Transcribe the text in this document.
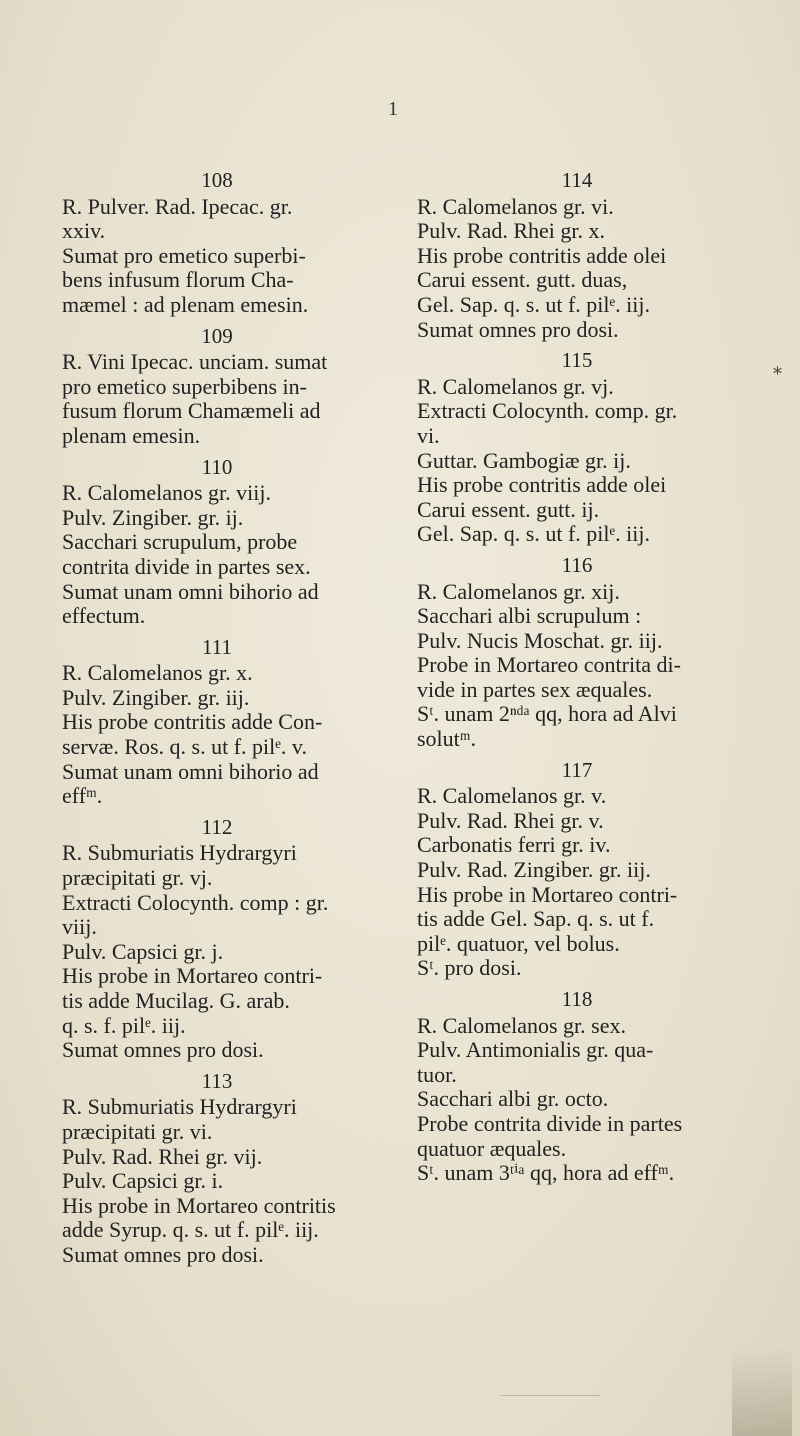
1
⁎
108
R. Pulver. Rad. Ipecac. gr.
xxiv.
Sumat pro emetico superbi-
bens infusum florum Cha-
mæmel : ad plenam emesin.
109
R. Vini Ipecac. unciam. sumat
pro emetico superbibens in-
fusum florum Chamæmeli ad
plenam emesin.
110
R. Calomelanos gr. viij.
Pulv. Zingiber. gr. ij.
Sacchari scrupulum, probe
contrita divide in partes sex.
Sumat unam omni bihorio ad
effectum.
111
R. Calomelanos gr. x.
Pulv. Zingiber. gr. iij.
His probe contritis adde Con-
servæ. Ros. q. s. ut f. pilᵉ. v.
Sumat unam omni bihorio ad
effᵐ.
112
R. Submuriatis Hydrargyri
præcipitati gr. vj.
Extracti Colocynth. comp : gr.
viij.
Pulv. Capsici gr. j.
His probe in Mortareo contri-
tis adde Mucilag. G. arab.
q. s. f. pilᵉ. iij.
Sumat omnes pro dosi.
113
R. Submuriatis Hydrargyri
præcipitati gr. vi.
Pulv. Rad. Rhei gr. vij.
Pulv. Capsici gr. i.
His probe in Mortareo contritis
adde Syrup. q. s. ut f. pilᵉ. iij.
Sumat omnes pro dosi.
114
R. Calomelanos gr. vi.
Pulv. Rad. Rhei gr. x.
His probe contritis adde olei
Carui essent. gutt. duas,
Gel. Sap. q. s. ut f. pilᵉ. iij.
Sumat omnes pro dosi.
115
R. Calomelanos gr. vj.
Extracti Colocynth. comp. gr.
vi.
Guttar. Gambogiæ gr. ij.
His probe contritis adde olei
Carui essent. gutt. ij.
Gel. Sap. q. s. ut f. pilᵉ. iij.
116
R. Calomelanos gr. xij.
Sacchari albi scrupulum :
Pulv. Nucis Moschat. gr. iij.
Probe in Mortareo contrita di-
vide in partes sex æquales.
Sᵗ. unam 2ⁿᵈᵃ qq, hora ad Alvi
solutᵐ.
117
R. Calomelanos gr. v.
Pulv. Rad. Rhei gr. v.
Carbonatis ferri gr. iv.
Pulv. Rad. Zingiber. gr. iij.
His probe in Mortareo contri-
tis adde Gel. Sap. q. s. ut f.
pilᵉ. quatuor, vel bolus.
Sᵗ. pro dosi.
118
R. Calomelanos gr. sex.
Pulv. Antimonialis gr. qua-
tuor.
Sacchari albi gr. octo.
Probe contrita divide in partes
quatuor æquales.
Sᵗ. unam 3ᵗⁱᵃ qq, hora ad effᵐ.
